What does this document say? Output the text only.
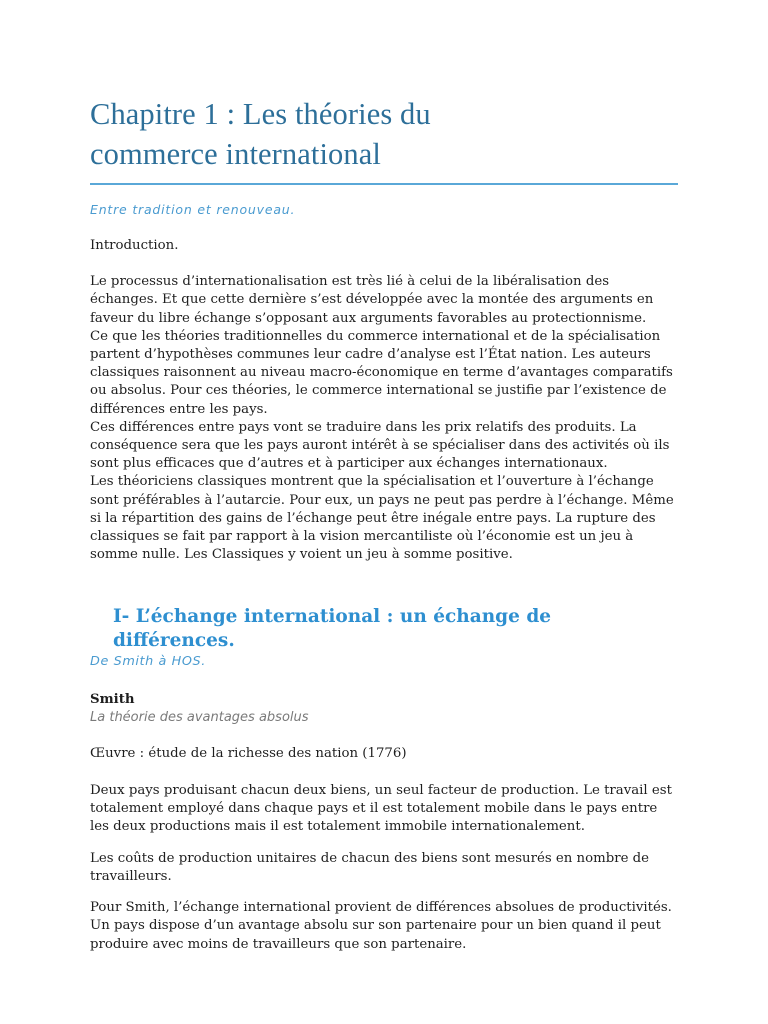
Chapitre 1 : Les théories du
commerce international
Entre tradition et renouveau.
Introduction.

Le processus d’internationalisation est très lié à celui de la libéralisation des échanges. Et que cette dernière s’est développée avec la montée des arguments en faveur du libre échange s’opposant aux arguments favorables au protectionnisme.

Ce que les théories traditionnelles du commerce international et de la spécialisation partent d’hypothèses communes leur cadre d’analyse est l’État nation. Les auteurs classiques raisonnent au niveau macro-économique en terme d’avantages comparatifs ou absolus. Pour ces théories, le commerce international se justifie par l’existence de différences entre les pays.

Ces différences entre pays vont se traduire dans les prix relatifs des produits. La conséquence sera que les pays auront intérêt à se spécialiser dans des activités où ils sont plus efficaces que d’autres et à participer aux échanges internationaux.

Les théoriciens classiques montrent que la spécialisation et l’ouverture à l’échange sont préférables à l’autarcie. Pour eux, un pays ne peut pas perdre à l’échange. Même si la répartition des gains de l’échange peut être inégale entre pays. La rupture des classiques se fait par rapport à la vision mercantiliste où l’économie est un jeu à somme nulle. Les Classiques y voient un jeu à somme positive.

I- L’échange international : un échange de différences.
De Smith à HOS.
Smith
La théorie des avantages absolus
Œuvre : étude de la richesse des nation (1776)

Deux pays produisant chacun deux biens, un seul facteur de production. Le travail est totalement employé dans chaque pays et il est totalement mobile dans le pays entre les deux productions mais il est totalement immobile internationalement.

Les coûts de production unitaires de chacun des biens sont mesurés en nombre de travailleurs.

Pour Smith, l’échange international provient de différences absolues de productivités. Un pays dispose d’un avantage absolu sur son partenaire pour un bien quand il peut produire avec moins de travailleurs que son partenaire.
